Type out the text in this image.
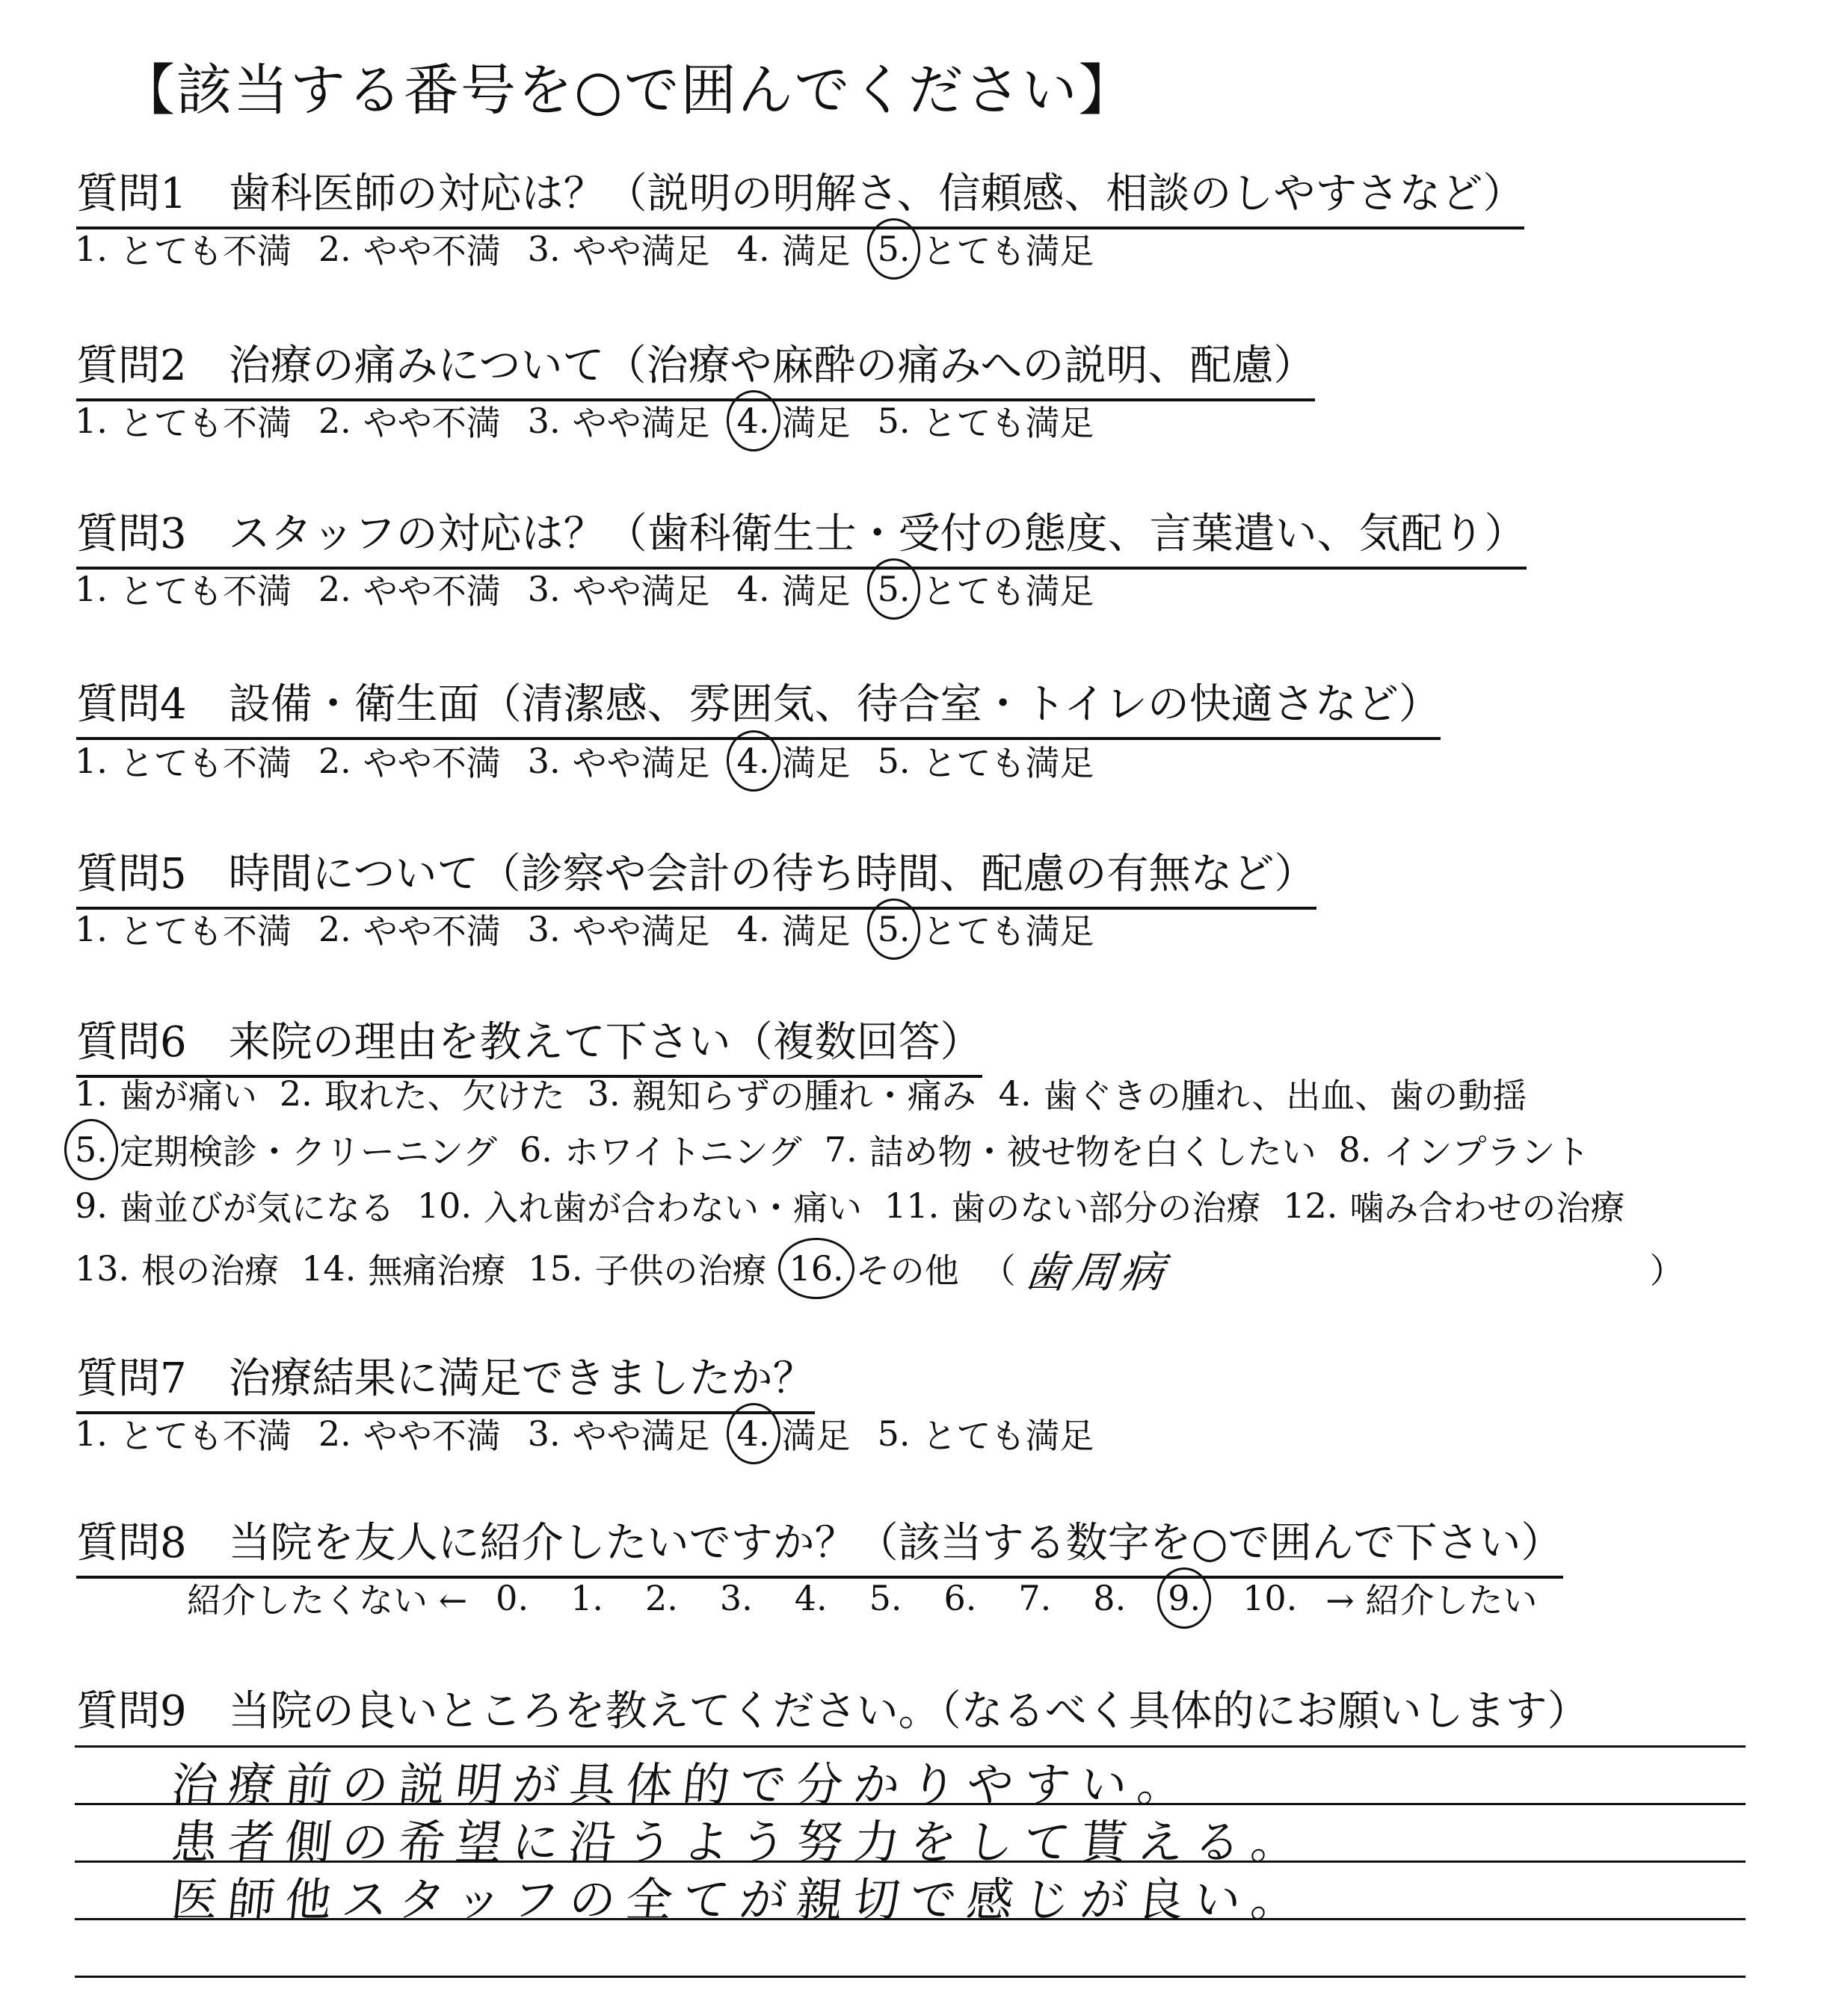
【該当する番号を○で囲んでください】
質問1　歯科医師の対応は？（説明の明解さ、信頼感、相談のしやすさなど）
1. とても不満 2. やや不満 3. やや満足 4. 満足 5. とても満足
質問2　治療の痛みについて（治療や麻酔の痛みへの説明、配慮）
1. とても不満 2. やや不満 3. やや満足 4. 満足 5. とても満足
質問3　スタッフの対応は？（歯科衛生士・受付の態度、言葉遣い、気配り）
1. とても不満 2. やや不満 3. やや満足 4. 満足 5. とても満足
質問4　設備・衛生面（清潔感、雰囲気、待合室・トイレの快適さなど）
1. とても不満 2. やや不満 3. やや満足 4. 満足 5. とても満足
質問5　時間について（診察や会計の待ち時間、配慮の有無など）
1. とても不満 2. やや不満 3. やや満足 4. 満足 5. とても満足
質問6　来院の理由を教えて下さい（複数回答）
1. 歯が痛い 2. 取れた、欠けた 3. 親知らずの腫れ・痛み 4. 歯ぐきの腫れ、出血、歯の動揺
5. 定期検診・クリーニング 6. ホワイトニング 7. 詰め物・被せ物を白くしたい 8. インプラント
9. 歯並びが気になる 10. 入れ歯が合わない・痛い 11. 歯のない部分の治療 12. 噛み合わせの治療
13. 根の治療 14. 無痛治療 15. 子供の治療 16. その他 （ 歯周病	）
質問7　治療結果に満足できましたか？
1. とても不満 2. やや不満 3. やや満足 4. 満足 5. とても満足
質問8　当院を友人に紹介したいですか？（該当する数字を○で囲んで下さい）
紹介したくない ← 0. 1. 2. 3. 4. 5. 6. 7. 8. 9. 10. → 紹介したい
質問9　当院の良いところを教えてください。（なるべく具体的にお願いします）
治療前の説明が具体的で分かりやすい。
患者側の希望に沿うよう努力をして貰える。
医師他スタッフの全てが親切で感じが良い。
